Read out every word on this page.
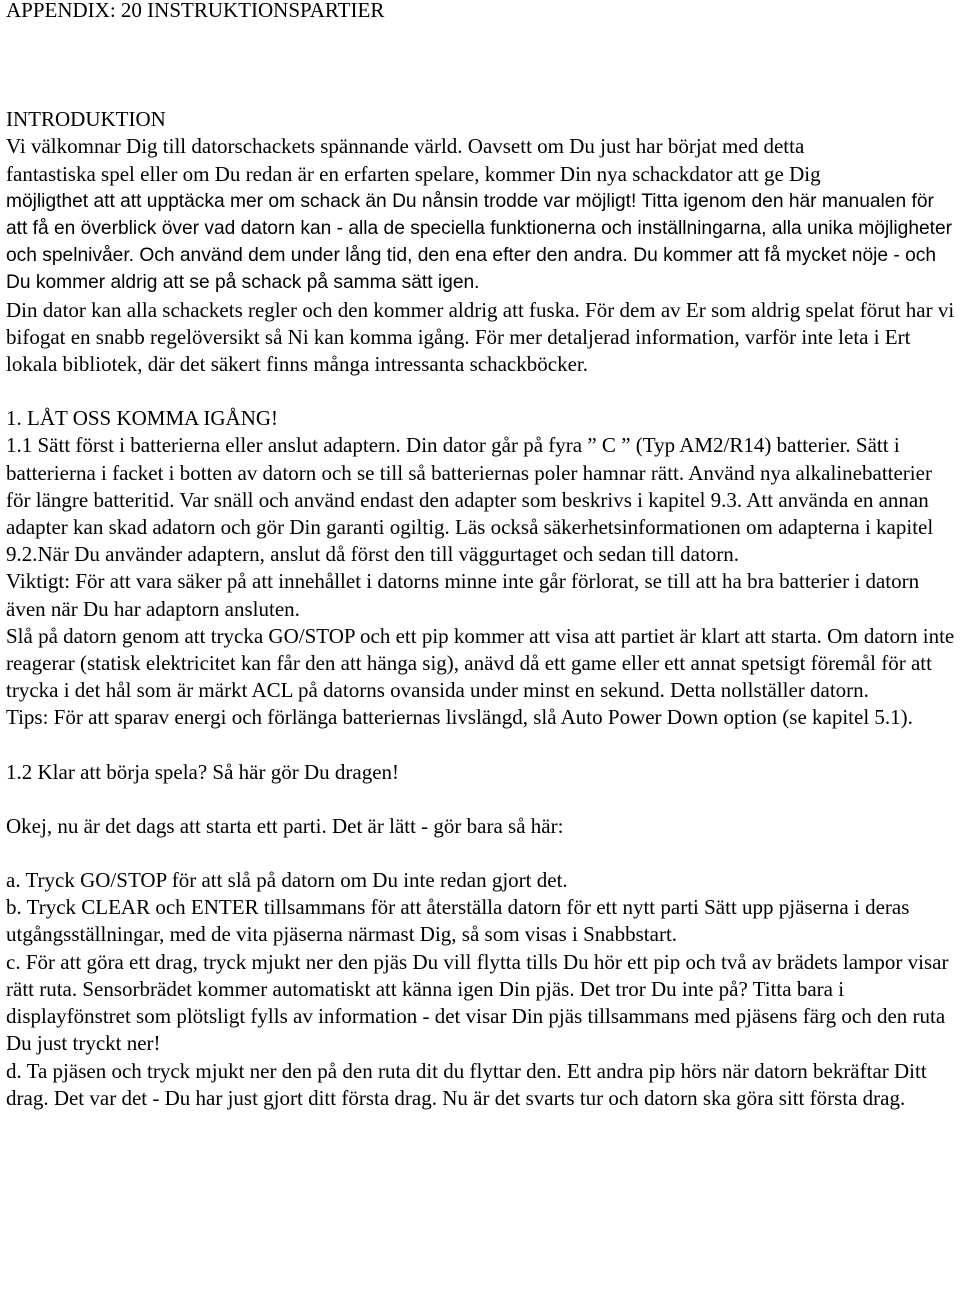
APPENDIX: 20 INSTRUKTIONSPARTIER

INTRODUKTION

Vi välkomnar Dig till datorschackets spännande värld. Oavsett om Du just har börjat med detta
fantastiska spel eller om Du redan är en erfarten spelare, kommer Din nya schackdator att ge Dig
möjligthet att att upptäcka mer om schack än Du nånsin trodde var möjligt! Titta igenom den här manualen för att få en överblick över vad datorn kan - alla de speciella funktionerna och inställningarna, alla unika möjligheter och spelnivåer. Och använd dem under lång tid, den ena efter den andra. Du kommer att få mycket nöje - och Du kommer aldrig att se på schack på samma sätt igen.

Din dator kan alla schackets regler och den kommer aldrig att fuska. För dem av Er som aldrig spelat förut har vi bifogat en snabb regelöversikt så Ni kan komma igång. För mer detaljerad information, varför inte leta i Ert lokala bibliotek, där det säkert finns många intressanta schackböcker.

1. LÅT OSS KOMMA IGÅNG!

1.1 Sätt först i batterierna eller anslut adaptern. Din dator går på fyra ” C ” (Typ AM2/R14) batterier. Sätt i batterierna i facket i botten av datorn och se till så batteriernas poler hamnar rätt. Använd nya alkalinebatterier för längre batteritid. Var snäll och använd endast den adapter som beskrivs i kapitel 9.3. Att använda en annan adapter kan skad adatorn och gör Din garanti ogiltig. Läs också säkerhetsinformationen om adapterna i kapitel 9.2.När Du använder adaptern, anslut då först den till väggurtaget och sedan till datorn.

Viktigt: För att vara säker på att innehållet i datorns minne inte går förlorat, se till att ha bra batterier i datorn även när Du har adaptorn ansluten.

Slå på datorn genom att trycka GO/STOP och ett pip kommer att visa att partiet är klart att starta. Om datorn inte reagerar (statisk elektricitet kan får den att hänga sig), anävd då ett game eller ett annat spetsigt föremål för att trycka i det hål som är märkt ACL på datorns ovansida under minst en sekund. Detta nollställer datorn.

Tips: För att sparav energi och förlänga batteriernas livslängd, slå Auto Power Down option (se kapitel 5.1).

1.2 Klar att börja spela? Så här gör Du dragen!

Okej, nu är det dags att starta ett parti. Det är lätt - gör bara så här:

a. Tryck GO/STOP för att slå på datorn om Du inte redan gjort det.

b. Tryck CLEAR och ENTER tillsammans för att återställa datorn för ett nytt parti Sätt upp pjäserna i deras utgångsställningar, med de vita pjäserna närmast Dig, så som visas i Snabbstart.

c. För att göra ett drag, tryck mjukt ner den pjäs Du vill flytta tills Du hör ett pip och två av brädets lampor visar rätt ruta. Sensorbrädet kommer automatiskt att känna igen Din pjäs. Det tror Du inte på? Titta bara i displayfönstret som plötsligt fylls av information - det visar Din pjäs tillsammans med pjäsens färg och den ruta Du just tryckt ner!

d. Ta pjäsen och tryck mjukt ner den på den ruta dit du flyttar den. Ett andra pip hörs när datorn bekräftar Ditt drag. Det var det - Du har just gjort ditt första drag. Nu är det svarts tur och datorn ska göra sitt första drag.
